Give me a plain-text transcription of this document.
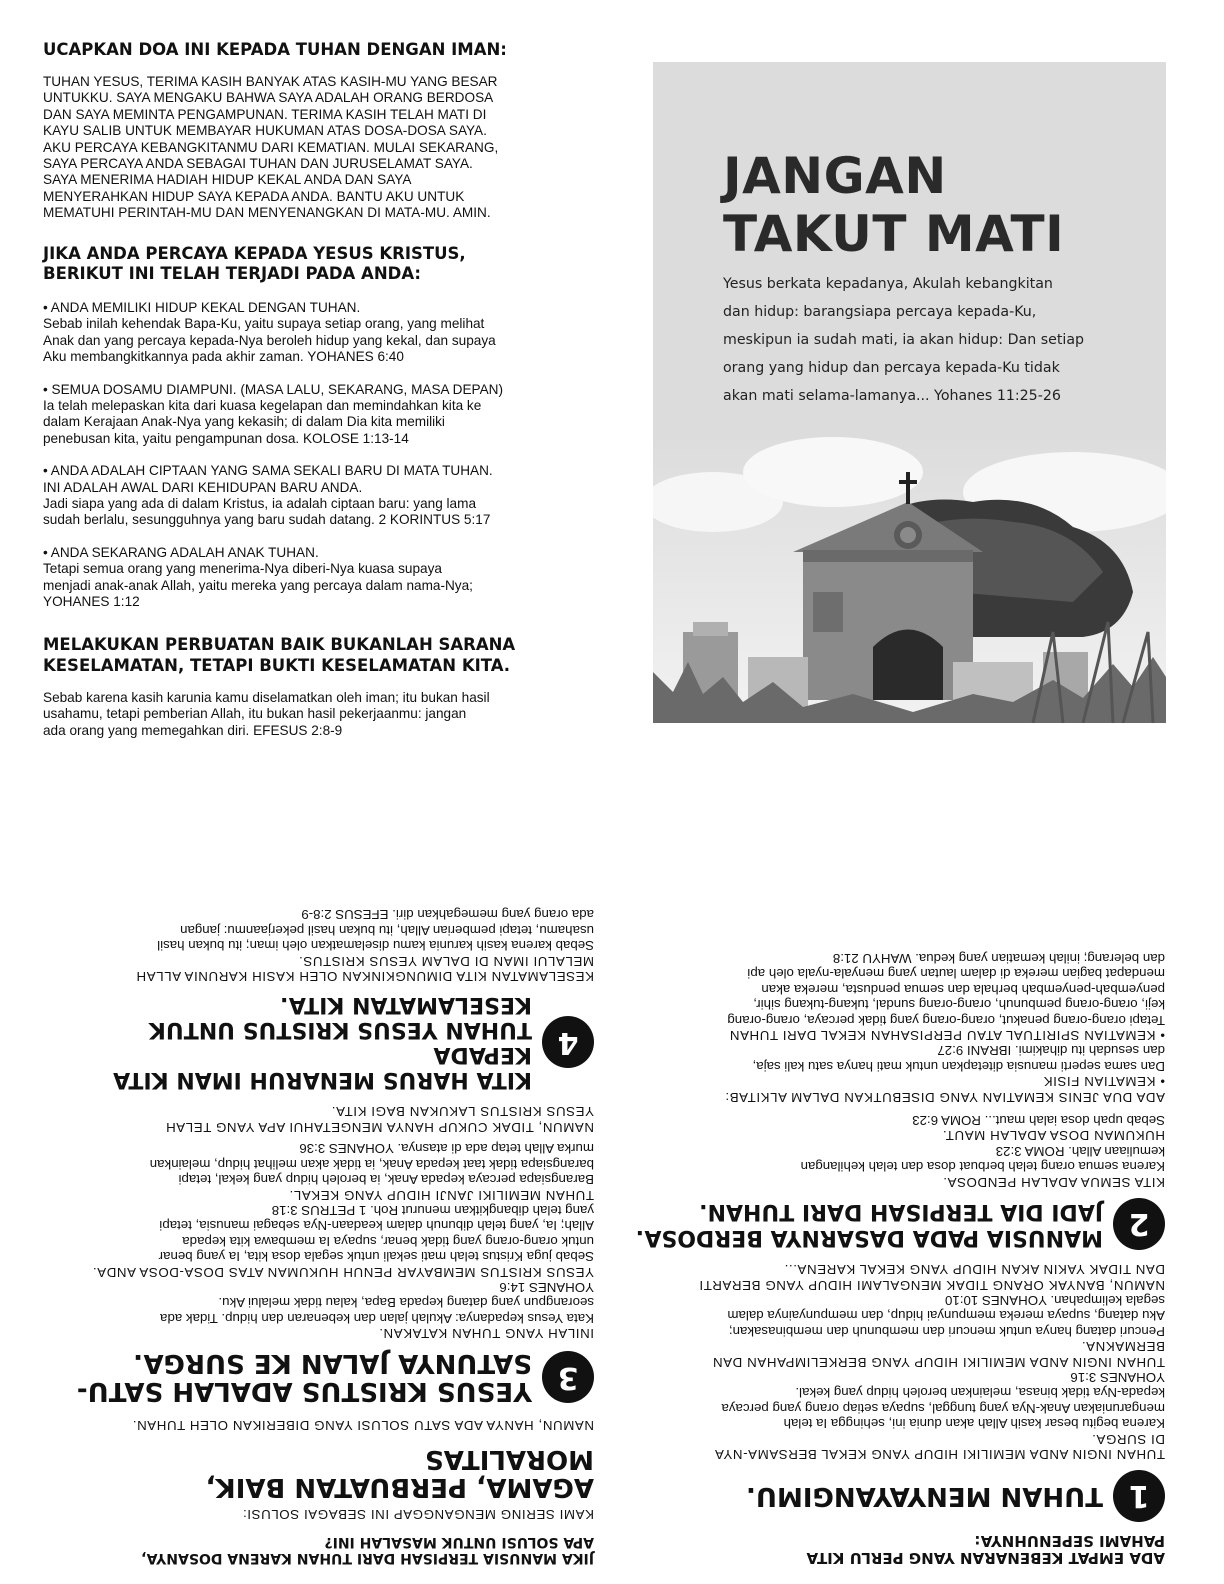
UCAPKAN DOA INI KEPADA TUHAN DENGAN IMAN:

TUHAN YESUS, TERIMA KASIH BANYAK ATAS KASIH-MU YANG BESAR

UNTUKKU. SAYA MENGAKU BAHWA SAYA ADALAH ORANG BERDOSA

DAN SAYA MEMINTA PENGAMPUNAN. TERIMA KASIH TELAH MATI DI

KAYU SALIB UNTUK MEMBAYAR HUKUMAN ATAS DOSA-DOSA SAYA.

AKU PERCAYA KEBANGKITANMU DARI KEMATIAN. MULAI SEKARANG,

SAYA PERCAYA ANDA SEBAGAI TUHAN DAN JURUSELAMAT SAYA.

SAYA MENERIMA HADIAH HIDUP KEKAL ANDA DAN SAYA

MENYERAHKAN HIDUP SAYA KEPADA ANDA. BANTU AKU UNTUK

MEMATUHI PERINTAH-MU DAN MENYENANGKAN DI MATA-MU. AMIN.

JIKA ANDA PERCAYA KEPADA YESUS KRISTUS,
BERIKUT INI TELAH TERJADI PADA ANDA:

• ANDA MEMILIKI HIDUP KEKAL DENGAN TUHAN.

Sebab inilah kehendak Bapa-Ku, yaitu supaya setiap orang, yang melihat

Anak dan yang percaya kepada-Nya beroleh hidup yang kekal, dan supaya

Aku membangkitkannya pada akhir zaman. YOHANES 6:40

• SEMUA DOSAMU DIAMPUNI. (MASA LALU, SEKARANG, MASA DEPAN)

Ia telah melepaskan kita dari kuasa kegelapan dan memindahkan kita ke

dalam Kerajaan Anak-Nya yang kekasih; di dalam Dia kita memiliki

penebusan kita, yaitu pengampunan dosa. KOLOSE 1:13-14

• ANDA ADALAH CIPTAAN YANG SAMA SEKALI BARU DI MATA TUHAN.

INI ADALAH AWAL DARI KEHIDUPAN BARU ANDA.

Jadi siapa yang ada di dalam Kristus, ia adalah ciptaan baru: yang lama

sudah berlalu, sesungguhnya yang baru sudah datang. 2 KORINTUS 5:17

• ANDA SEKARANG ADALAH ANAK TUHAN.

Tetapi semua orang yang menerima-Nya diberi-Nya kuasa supaya

menjadi anak-anak Allah, yaitu mereka yang percaya dalam nama-Nya;

YOHANES 1:12

MELAKUKAN PERBUATAN BAIK BUKANLAH SARANA
KESELAMATAN, TETAPI BUKTI KESELAMATAN KITA.

Sebab karena kasih karunia kamu diselamatkan oleh iman; itu bukan hasil

usahamu, tetapi pemberian Allah, itu bukan hasil pekerjaanmu: jangan

ada orang yang memegahkan diri. EFESUS 2:8-9

JANGAN
TAKUT MATI
Yesus berkata kepadanya, Akulah kebangkitan
dan hidup: barangsiapa percaya kepada-Ku,
meskipun ia sudah mati, ia akan hidup: Dan setiap
orang yang hidup dan percaya kepada-Ku tidak
akan mati selama-lamanya... Yohanes 11:25-26

ADA EMPAT KEBENARAN YANG PERLU KITA

PAHAMI SEPENUHNYA:

1

TUHAN MENYAYANGIMU.

TUHAN INGIN ANDA MEMILIKI HIDUP YANG KEKAL BERSAMA-NYA

DI SURGA.

Karena begitu besar kasih Allah akan dunia ini, sehingga Ia telah

mengaruniakan Anak-Nya yang tunggal, supaya setiap orang yang percaya

kepada-Nya tidak binasa, melainkan beroleh hidup yang kekal.

YOHANES 3:16

TUHAN INGIN ANDA MEMILIKI HIDUP YANG BERKELIMPAHAN DAN

BERMAKNA.

Pencuri datang hanya untuk mencuri dan membunuh dan membinasakan;

Aku datang, supaya mereka mempunyai hidup, dan mempunyainya dalam

segala kelimpahan. YOHANES 10:10

NAMUN, BANYAK ORANG TIDAK MENGALAMI HIDUP YANG BERARTI

DAN TIDAK YAKIN AKAN HIDUP YANG KEKAL KARENA...

2

MANUSIA PADA DASARNYA BERDOSA.

JADI DIA TERPISAH DARI TUHAN.

KITA SEMUA ADALAH PENDOSA.

Karena semua orang telah berbuat dosa dan telah kehilangan

kemuliaan Allah. ROMA 3:23

HUKUMAN DOSA ADALAH MAUT.

Sebab upah dosa ialah maut... ROMA 6:23

ADA DUA JENIS KEMATIAN YANG DISEBUTKAN DALAM ALKITAB:

• KEMATIAN FISIK

Dan sama seperti manusia ditetapkan untuk mati hanya satu kali saja,

dan sesudah itu dihakimi. IBRANI 9:27

• KEMATIAN SPIRITUAL ATAU PERPISAHAN KEKAL DARI TUHAN

Tetapi orang-orang penakut, orang-orang yang tidak percaya, orang-orang

keji, orang-orang pembunuh, orang-orang sundal, tukang-tukang sihir,

penyembah-penyembah berhala dan semua pendusta, mereka akan

mendapat bagian mereka di dalam lautan yang menyala-nyala oleh api

dan belerang; inilah kematian yang kedua. WAHYU 21:8

JIKA MANUSIA TERPISAH DARI TUHAN KARENA DOSANYA,

APA SOLUSI UNTUK MASALAH INI?

KAMI SERING MENGANGGAP INI SEBAGAI SOLUSI:

AGAMA, PERBUATAN BAIK, MORALITAS

NAMUN, HANYA ADA SATU SOLUSI YANG DIBERIKAN OLEH TUHAN.

3

YESUS KRISTUS ADALAH SATU-

SATUNYA JALAN KE SURGA.

INILAH YANG TUHAN KATAKAN.

Kata Yesus kepadanya: Akulah jalan dan kebenaran dan hidup. Tidak ada

seorangpun yang datang kepada Bapa, kalau tidak melalui Aku.

YOHANES 14:6

YESUS KRISTUS MEMBAYAR PENUH HUKUMAN ATAS DOSA-DOSA ANDA.

Sebab juga Kristus telah mati sekali untuk segala dosa kita, Ia yang benar

untuk orang-orang yang tidak benar, supaya Ia membawa kita kepada

Allah; Ia, yang telah dibunuh dalam keadaan-Nya sebagai manusia, tetapi

yang telah dibangkitkan menurut Roh. 1 PETRUS 3:18

TUHAN MEMILIKI JANJI HIDUP YANG KEKAL.

Barangsiapa percaya kepada Anak, ia beroleh hidup yang kekal, tetapi

barangsiapa tidak taat kepada Anak, ia tidak akan melihat hidup, melainkan

murka Allah tetap ada di atasnya. YOHANES 3:36

NAMUN, TIDAK CUKUP HANYA MENGETAHUI APA YANG TELAH

YESUS KRISTUS LAKUKAN BAGI KITA.

4

KITA HARUS MENARUH IMAN KITA KEPADA

TUHAN YESUS KRISTUS UNTUK

KESELAMATAN KITA.

KESELAMATAN KITA DIMUNGKINKAN OLEH KASIH KARUNIA ALLAH

MELALUI IMAN DI DALAM YESUS KRISTUS.

Sebab karena kasih karunia kamu diselamatkan oleh iman; itu bukan hasil

usahamu, tetapi pemberian Allah, itu bukan hasil pekerjaanmu: jangan

ada orang yang memegahkan diri. EFESUS 2:8-9
